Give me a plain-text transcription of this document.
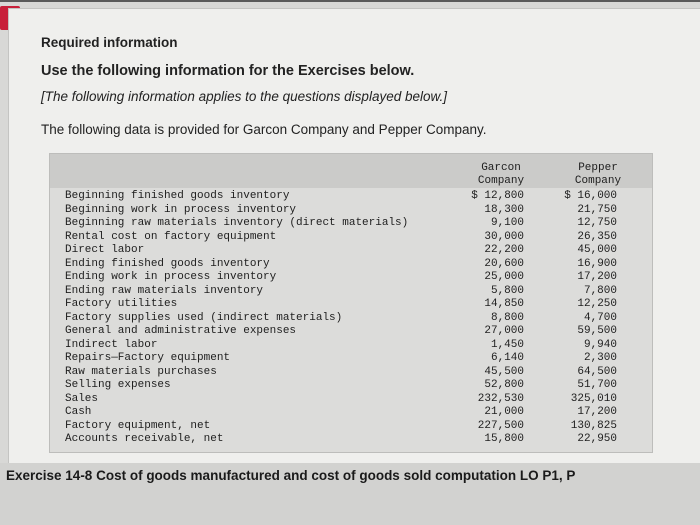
Required information
Use the following information for the Exercises below.
[The following information applies to the questions displayed below.]
The following data is provided for Garcon Company and Pepper Company.
Garcon
Company
Pepper
Company
Beginning finished goods inventory
Beginning work in process inventory
Beginning raw materials inventory (direct materials)
Rental cost on factory equipment
Direct labor
Ending finished goods inventory
Ending work in process inventory
Ending raw materials inventory
Factory utilities
Factory supplies used (indirect materials)
General and administrative expenses
Indirect labor
Repairs—Factory equipment
Raw materials purchases
Selling expenses
Sales
Cash
Factory equipment, net
Accounts receivable, net
$ 12,800
18,300
9,100
30,000
22,200
20,600
25,000
5,800
14,850
8,800
27,000
1,450
6,140
45,500
52,800
232,530
21,000
227,500
15,800
$ 16,000
21,750
12,750
26,350
45,000
16,900
17,200
7,800
12,250
4,700
59,500
9,940
2,300
64,500
51,700
325,010
17,200
130,825
22,950
Exercise 14-8 Cost of goods manufactured and cost of goods sold computation LO P1, P
